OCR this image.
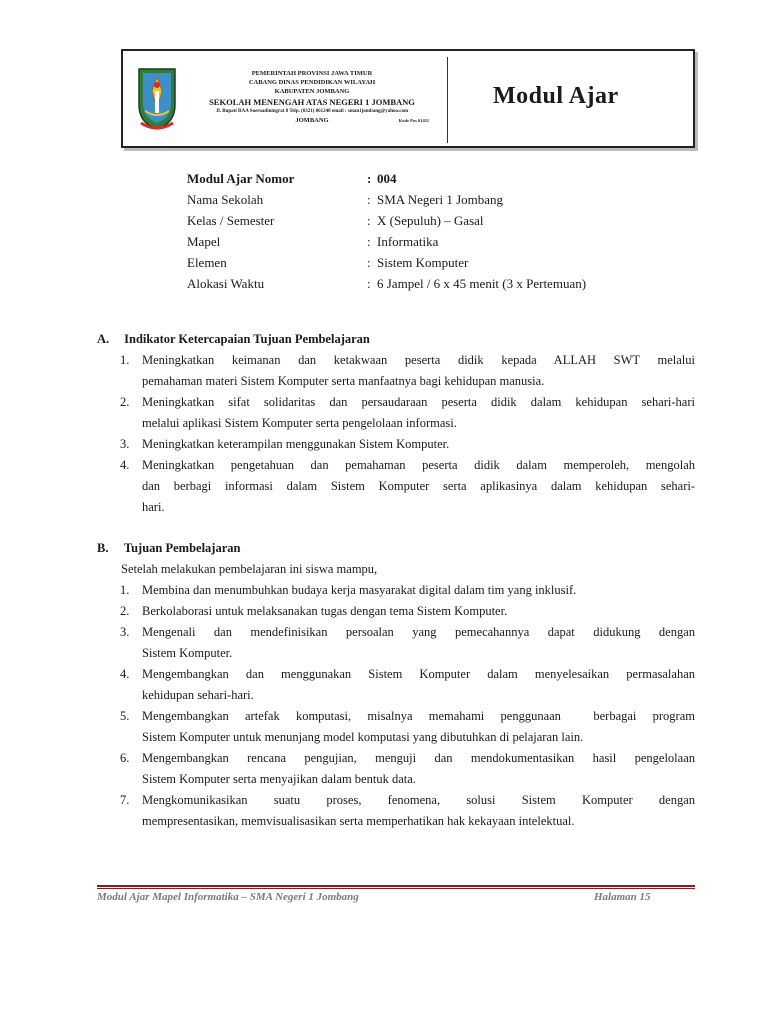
PEMERINTAH PROVINSI JAWA TIMUR
CABANG DINAS PENDIDIKAN WILAYAH
KABUPATEN JOMBANG
SEKOLAH MENENGAH ATAS NEGERI 1 JOMBANG
Jl. Bupati RAA Soeroadiningrat 8 Telp. (0321) 861240 email : sman1jombang@yahoo.com
JOMBANG	Kode Pos 61411
Modul Ajar
Modul Ajar Nomor	: 004
Nama Sekolah	: SMA Negeri 1 Jombang
Kelas / Semester	: X (Sepuluh) – Gasal
Mapel	: Informatika
Elemen	: Sistem Komputer
Alokasi Waktu	: 6 Jampel / 6 x 45 menit (3 x Pertemuan)
A. Indikator Ketercapaian Tujuan Pembelajaran
1.	Meningkatkan keimanan dan ketakwaan peserta didik kepada ALLAH SWT melalui
pemahaman materi Sistem Komputer serta manfaatnya bagi kehidupan manusia.
2.	Meningkatkan sifat solidaritas dan persaudaraan peserta didik dalam kehidupan sehari-hari
melalui aplikasi Sistem Komputer serta pengelolaan informasi.
3.	Meningkatkan keterampilan menggunakan Sistem Komputer.
4.	Meningkatkan pengetahuan dan pemahaman peserta didik dalam memperoleh, mengolah
dan berbagi informasi dalam Sistem Komputer serta aplikasinya dalam kehidupan sehari-
hari.
B. Tujuan Pembelajaran
Setelah melakukan pembelajaran ini siswa mampu,
1.	Membina dan menumbuhkan budaya kerja masyarakat digital dalam tim yang inklusif.
2.	Berkolaborasi untuk melaksanakan tugas dengan tema Sistem Komputer.
3.	Mengenali dan mendefinisikan persoalan yang pemecahannya dapat didukung dengan
Sistem Komputer.
4.	Mengembangkan dan menggunakan Sistem Komputer dalam menyelesaikan permasalahan
kehidupan sehari-hari.
5.	Mengembangkan artefak komputasi, misalnya memahami penggunaan  berbagai program
Sistem Komputer untuk menunjang model komputasi yang dibutuhkan di pelajaran lain.
6.	Mengembangkan rencana pengujian, menguji dan mendokumentasikan hasil pengelolaan
Sistem Komputer serta menyajikan dalam bentuk data.
7.	Mengkomunikasikan suatu proses, fenomena, solusi Sistem Komputer dengan
mempresentasikan, memvisualisasikan serta memperhatikan hak kekayaan intelektual.
Modul Ajar Mapel Informatika – SMA Negeri 1 Jombang	Halaman 15
